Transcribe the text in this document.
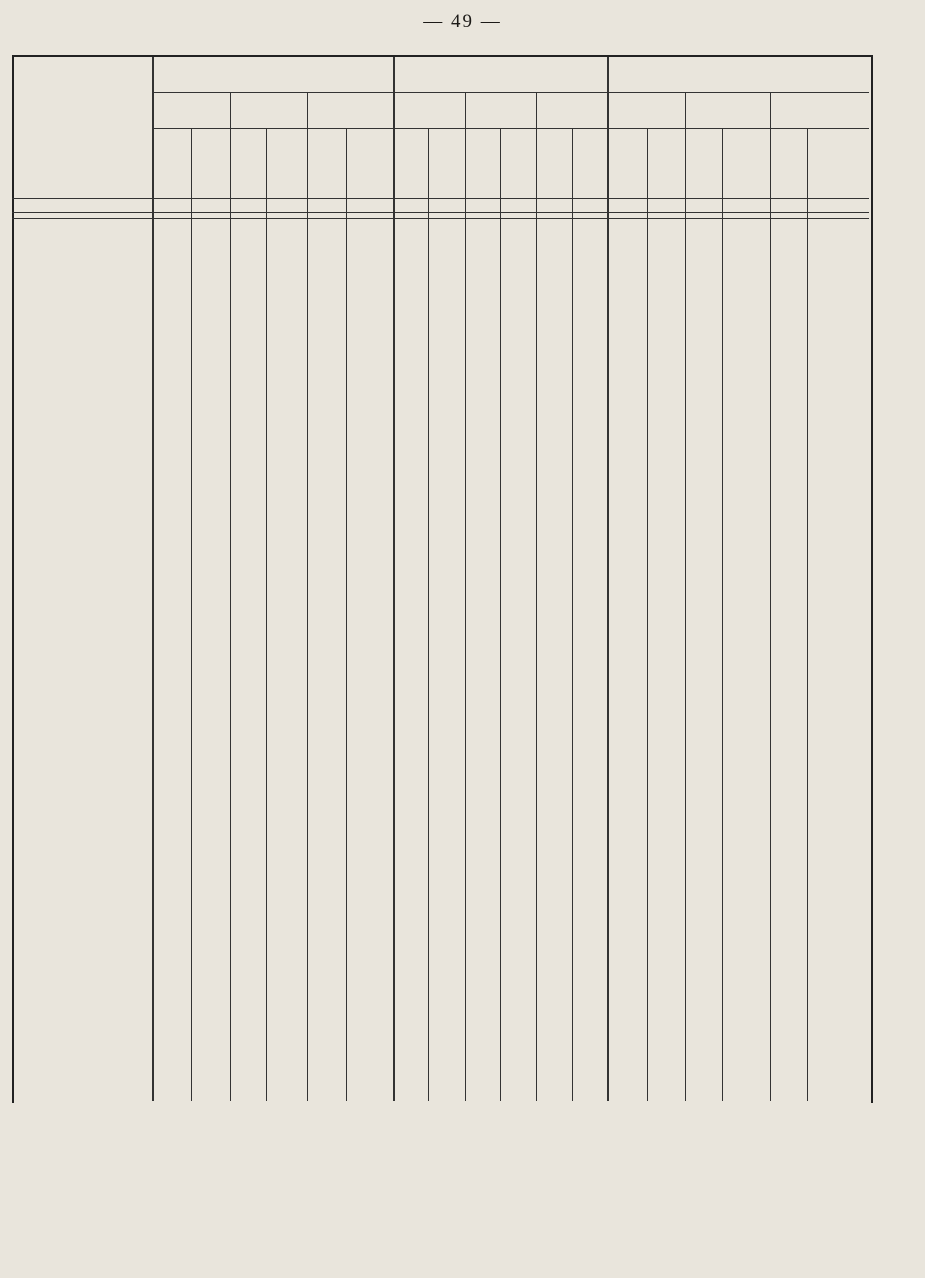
— 49 —
